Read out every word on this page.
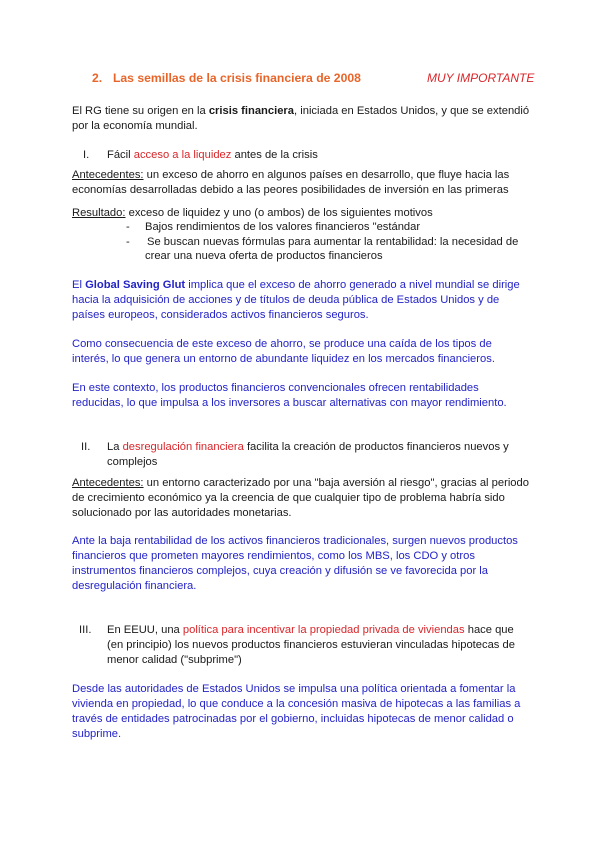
2. Las semillas de la crisis financiera de 2008	MUY IMPORTANTE
El RG tiene su origen en la crisis financiera, iniciada en Estados Unidos, y que se extendió
por la economía mundial.
I. Fácil acceso a la liquidez antes de la crisis
Antecedentes: un exceso de ahorro en algunos países en desarrollo, que fluye hacia las
economías desarrolladas debido a las peores posibilidades de inversión en las primeras
Resultado: exceso de liquidez y uno (o ambos) de los siguientes motivos
- Bajos rendimientos de los valores financieros "estándar
- Se buscan nuevas fórmulas para aumentar la rentabilidad: la necesidad de
crear una nueva oferta de productos financieros
El Global Saving Glut implica que el exceso de ahorro generado a nivel mundial se dirige
hacia la adquisición de acciones y de títulos de deuda pública de Estados Unidos y de
países europeos, considerados activos financieros seguros.
Como consecuencia de este exceso de ahorro, se produce una caída de los tipos de
interés, lo que genera un entorno de abundante liquidez en los mercados financieros.
En este contexto, los productos financieros convencionales ofrecen rentabilidades
reducidas, lo que impulsa a los inversores a buscar alternativas con mayor rendimiento.
II. La desregulación financiera facilita la creación de productos financieros nuevos y
complejos
Antecedentes: un entorno caracterizado por una "baja aversión al riesgo", gracias al periodo
de crecimiento económico ya la creencia de que cualquier tipo de problema habría sido
solucionado por las autoridades monetarias.
Ante la baja rentabilidad de los activos financieros tradicionales, surgen nuevos productos
financieros que prometen mayores rendimientos, como los MBS, los CDO y otros
instrumentos financieros complejos, cuya creación y difusión se ve favorecida por la
desregulación financiera.
III. En EEUU, una política para incentivar la propiedad privada de viviendas hace que
(en principio) los nuevos productos financieros estuvieran vinculadas hipotecas de
menor calidad ("subprime")
Desde las autoridades de Estados Unidos se impulsa una política orientada a fomentar la
vivienda en propiedad, lo que conduce a la concesión masiva de hipotecas a las familias a
través de entidades patrocinadas por el gobierno, incluidas hipotecas de menor calidad o
subprime.
